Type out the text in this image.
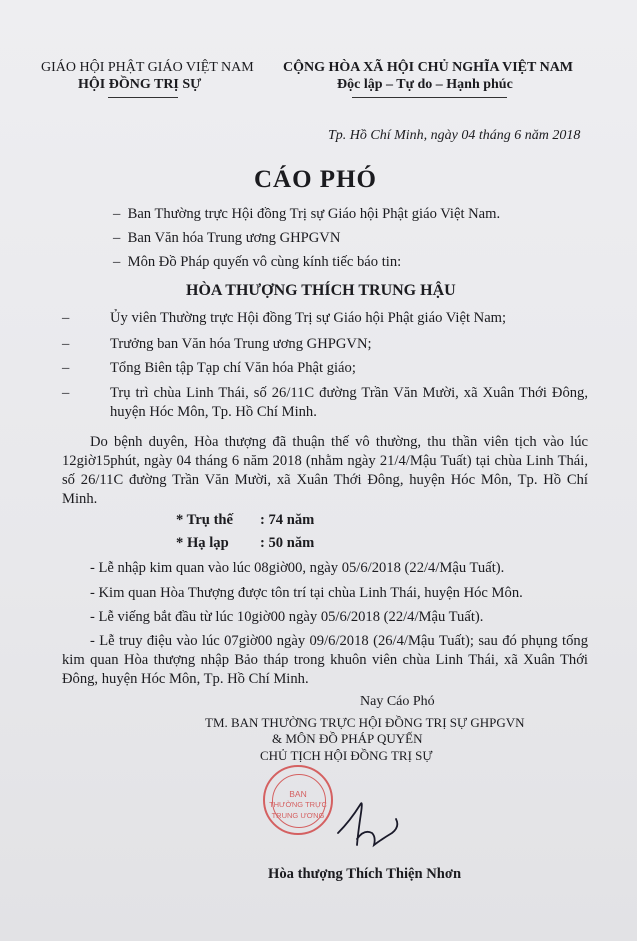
GIÁO HỘI PHẬT GIÁO VIỆT NAM
HỘI ĐỒNG TRỊ SỰ
CỘNG HÒA XÃ HỘI CHỦ NGHĨA VIỆT NAM
Độc lập – Tự do – Hạnh phúc
Tp. Hồ Chí Minh, ngày 04 tháng 6 năm 2018
CÁO PHÓ
–  Ban Thường trực Hội đồng Trị sự Giáo hội Phật giáo Việt Nam.
–  Ban Văn hóa Trung ương GHPGVN
–  Môn Đồ Pháp quyến vô cùng kính tiếc báo tin:
HÒA THƯỢNG THÍCH TRUNG HẬU
–	Ủy viên Thường trực Hội đồng Trị sự Giáo hội Phật giáo Việt Nam;
–	Trưởng ban Văn hóa Trung ương GHPGVN;
–	Tổng Biên tập Tạp chí Văn hóa Phật giáo;
–	Trụ trì chùa Linh Thái, số 26/11C đường Trần Văn Mười, xã Xuân Thới Đông, huyện Hóc Môn, Tp. Hồ Chí Minh.
Do bệnh duyên, Hòa thượng đã thuận thế vô thường, thu thần viên tịch vào lúc 12giờ15phút, ngày 04 tháng 6 năm 2018 (nhằm ngày 21/4/Mậu Tuất) tại chùa Linh Thái, số 26/11C đường Trần Văn Mười, xã Xuân Thới Đông, huyện Hóc Môn, Tp. Hồ Chí Minh.
* Trụ thế : 74 năm
* Hạ lạp : 50 năm
- Lễ nhập kim quan vào lúc 08giờ00, ngày 05/6/2018 (22/4/Mậu Tuất).
- Kim quan Hòa Thượng được tôn trí tại chùa Linh Thái, huyện Hóc Môn.
- Lễ viếng bắt đầu từ lúc 10giờ00 ngày 05/6/2018 (22/4/Mậu Tuất).
- Lễ truy điệu vào lúc 07giờ00 ngày 09/6/2018 (26/4/Mậu Tuất); sau đó phụng tống kim quan Hòa thượng nhập Bảo tháp trong khuôn viên chùa Linh Thái, xã Xuân Thới Đông, huyện Hóc Môn, Tp. Hồ Chí Minh.
Nay Cáo Phó
TM. BAN THƯỜNG TRỰC HỘI ĐỒNG TRỊ SỰ GHPGVN
& MÔN ĐỒ PHÁP QUYẾN
CHỦ TỊCH HỘI ĐỒNG TRỊ SỰ
BAN
THƯỜNG TRỰC
TRUNG ƯƠNG
Hòa thượng Thích Thiện Nhơn
